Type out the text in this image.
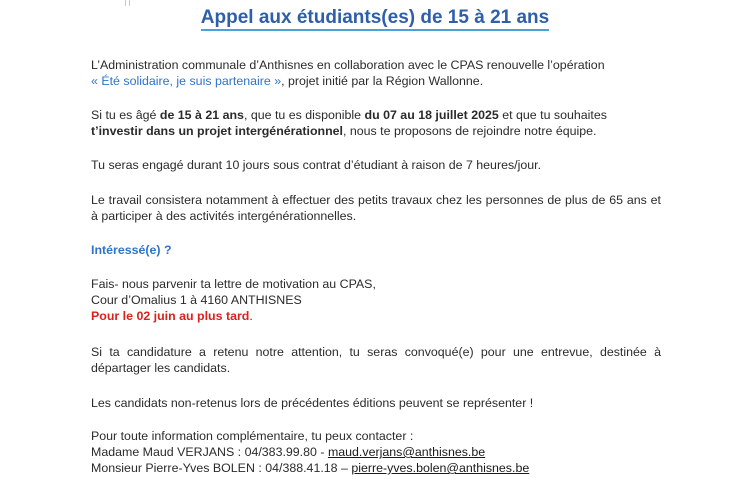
Appel aux étudiants(es) de 15 à 21 ans

L’Administration communale d’Anthisnes en collaboration avec le CPAS renouvelle l’opération
« Été solidaire, je suis partenaire », projet initié par la Région Wallonne.

Si tu es âgé de 15 à 21 ans, que tu es disponible du 07 au 18 juillet 2025 et que tu souhaites
t’investir dans un projet intergénérationnel, nous te proposons de rejoindre notre équipe.

Tu seras engagé durant 10 jours sous contrat d’étudiant à raison de 7 heures/jour.

Le travail consistera notamment à effectuer des petits travaux chez les personnes de plus de 65 ans et à participer à des activités intergénérationnelles.

Intéressé(e) ?

Fais- nous parvenir ta lettre de motivation au CPAS,
Cour d’Omalius 1 à 4160 ANTHISNES
Pour le 02 juin au plus tard.

Si ta candidature a retenu notre attention, tu seras convoqué(e) pour une entrevue, destinée à départager les candidats.

Les candidats non-retenus lors de précédentes éditions peuvent se représenter !

Pour toute information complémentaire, tu peux contacter :
Madame Maud VERJANS : 04/383.99.80 - maud.verjans@anthisnes.be
Monsieur Pierre-Yves BOLEN : 04/388.41.18 – pierre-yves.bolen@anthisnes.be
